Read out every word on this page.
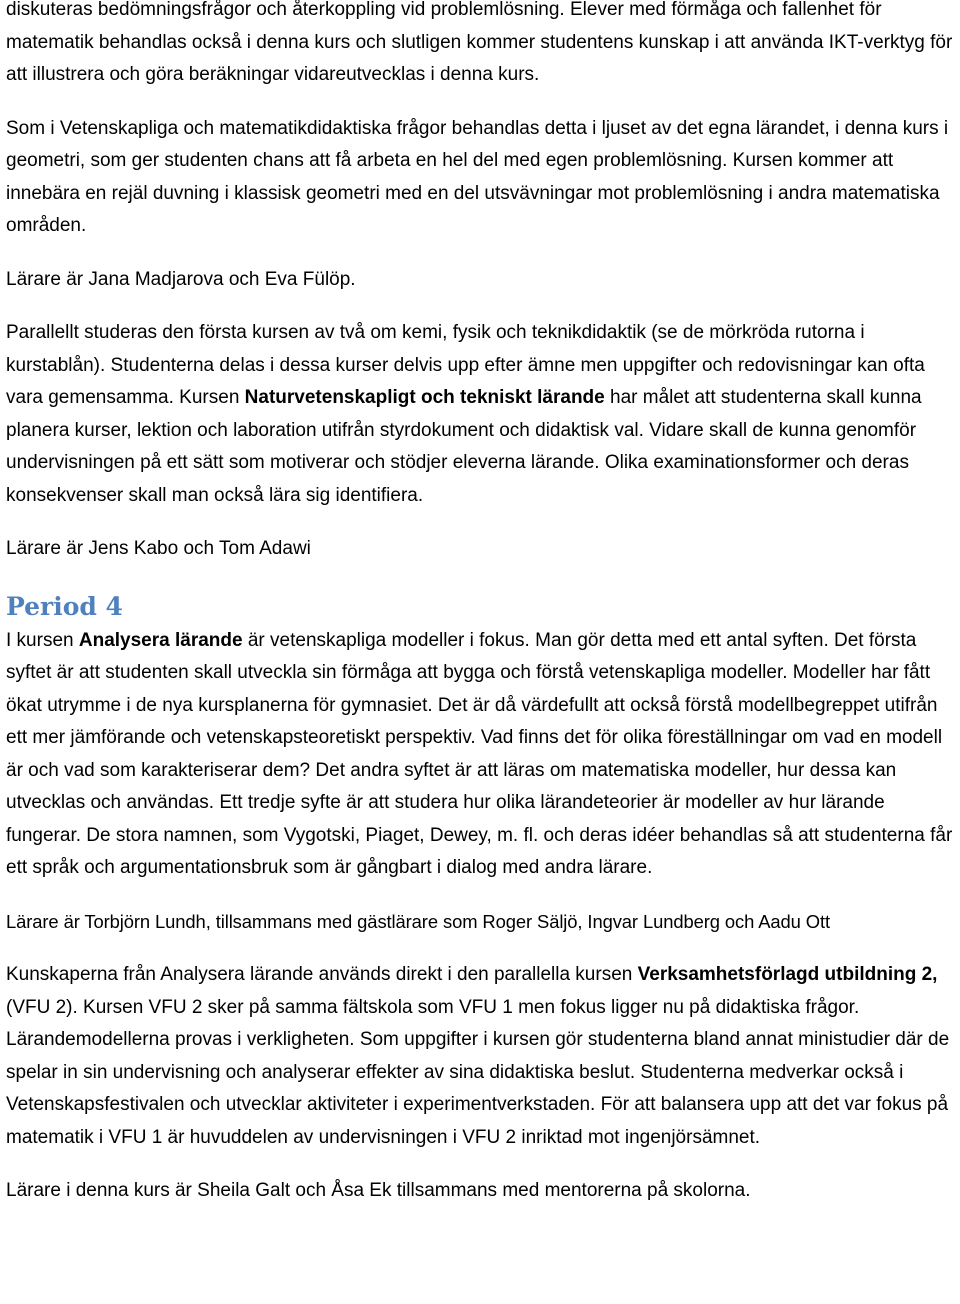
diskuteras bedömningsfrågor och återkoppling vid problemlösning. Elever med förmåga och fallenhet för matematik behandlas också i denna kurs och slutligen kommer studentens kunskap i att använda IKT-verktyg för att illustrera och göra beräkningar vidareutvecklas i denna kurs.

Som i Vetenskapliga och matematikdidaktiska frågor behandlas detta i ljuset av det egna lärandet, i denna kurs i geometri, som ger studenten chans att få arbeta en hel del med egen problemlösning. Kursen kommer att innebära en rejäl duvning i klassisk geometri med en del utsvävningar mot problemlösning i andra matematiska områden.

Lärare är Jana Madjarova och Eva Fülöp.

Parallellt studeras den första kursen av två om kemi, fysik och teknikdidaktik (se de mörkröda rutorna i kurstablån). Studenterna delas i dessa kurser delvis upp efter ämne men uppgifter och redovisningar kan ofta vara gemensamma. Kursen Naturvetenskapligt och tekniskt lärande har målet att studenterna skall kunna planera kurser, lektion och laboration utifrån styrdokument och didaktisk val. Vidare skall de kunna genomför undervisningen på ett sätt som motiverar och stödjer eleverna lärande. Olika examinationsformer och deras konsekvenser skall man också lära sig identifiera.

Lärare är Jens Kabo och Tom Adawi

Period 4

I kursen Analysera lärande är vetenskapliga modeller i fokus. Man gör detta med ett antal syften. Det första syftet är att studenten skall utveckla sin förmåga att bygga och förstå vetenskapliga modeller. Modeller har fått ökat utrymme i de nya kursplanerna för gymnasiet. Det är då värdefullt att också förstå modellbegreppet utifrån ett mer jämförande och vetenskapsteoretiskt perspektiv. Vad finns det för olika föreställningar om vad en modell är och vad som karakteriserar dem? Det andra syftet är att läras om matematiska modeller, hur dessa kan utvecklas och användas. Ett tredje syfte är att studera hur olika lärandeteorier är modeller av hur lärande fungerar. De stora namnen, som Vygotski, Piaget, Dewey, m. fl. och deras idéer behandlas så att studenterna får ett språk och argumentationsbruk som är gångbart i dialog med andra lärare.

Lärare är Torbjörn Lundh, tillsammans med gästlärare som Roger Säljö, Ingvar Lundberg och Aadu Ott

Kunskaperna från Analysera lärande används direkt i den parallella kursen Verksamhetsförlagd utbildning 2, (VFU 2). Kursen VFU 2 sker på samma fältskola som VFU 1 men fokus ligger nu på didaktiska frågor. Lärandemodellerna provas i verkligheten. Som uppgifter i kursen gör studenterna bland annat ministudier där de spelar in sin undervisning och analyserar effekter av sina didaktiska beslut. Studenterna medverkar också i Vetenskapsfestivalen och utvecklar aktiviteter i experimentverkstaden. För att balansera upp att det var fokus på matematik i VFU 1 är huvuddelen av undervisningen i VFU 2 inriktad mot ingenjörsämnet.

Lärare i denna kurs är Sheila Galt och Åsa Ek tillsammans med mentorerna på skolorna.
